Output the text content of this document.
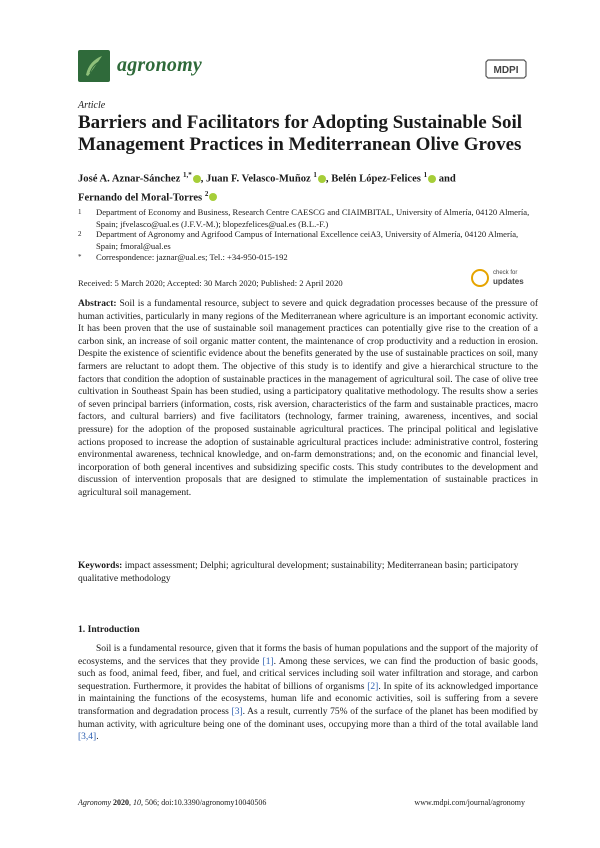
agronomy	MDPI
Article
Barriers and Facilitators for Adopting Sustainable Soil Management Practices in Mediterranean Olive Groves
José A. Aznar-Sánchez $^{1,*}$ , Juan F. Velasco-Muñoz $^1$ , Belén López-Felices $^1$ and
Fernando del Moral-Torres $^2$
1 Department of Economy and Business, Research Centre CAESCG and CIAIMBITAL, University of Almería, 04120 Almería, Spain; jfvelasco@ual.es (J.F.V.-M.); blopezfelices@ual.es (B.L.-F.)
2 Department of Agronomy and Agrifood Campus of International Excellence ceiA3, University of Almería, 04120 Almería, Spain; fmoral@ual.es
* Correspondence: jaznar@ual.es; Tel.: +34-950-015-192
Received: 5 March 2020; Accepted: 30 March 2020; Published: 2 April 2020
check for
updates
Abstract: Soil is a fundamental resource, subject to severe and quick degradation processes because of the pressure of human activities, particularly in many regions of the Mediterranean where agriculture is an important economic activity. It has been proven that the use of sustainable soil management practices can potentially give rise to the creation of a carbon sink, an increase of soil organic matter content, the maintenance of crop productivity and a reduction in erosion. Despite the existence of scientific evidence about the benefits generated by the use of sustainable practices on soil, many farmers are reluctant to adopt them. The objective of this study is to identify and give a hierarchical structure to the factors that condition the adoption of sustainable practices in the management of agricultural soil. The case of olive tree cultivation in Southeast Spain has been studied, using a participatory qualitative methodology. The results show a series of seven principal barriers (information, costs, risk aversion, characteristics of the farm and sustainable practices, macro factors, and cultural barriers) and five facilitators (technology, farmer training, awareness, incentives, and social pressure) for the adoption of the proposed sustainable agricultural practices. The principal political and legislative actions proposed to increase the adoption of sustainable agricultural practices include: administrative control, fostering environmental awareness, technical knowledge, and on-farm demonstrations; and, on the economic and financial level, incorporation of both general incentives and subsidizing specific costs. This study contributes to the development and discussion of intervention proposals that are designed to stimulate the implementation of sustainable practices in agricultural soil management.
Keywords: impact assessment; Delphi; agricultural development; sustainability; Mediterranean basin; participatory qualitative methodology
1. Introduction
Soil is a fundamental resource, given that it forms the basis of human populations and the support of the majority of ecosystems, and the services that they provide [1]. Among these services, we can find the production of basic goods, such as food, animal feed, fiber, and fuel, and critical services including soil water infiltration and storage, and carbon sequestration. Furthermore, it provides the habitat of billions of organisms [2]. In spite of its acknowledged importance in maintaining the functions of the ecosystems, human life and economic activities, soil is suffering from a severe transformation and degradation process [3]. As a result, currently 75% of the surface of the planet has been modified by human activity, with agriculture being one of the dominant uses, occupying more than a third of the total available land [3,4].
Agronomy 2020, 10, 506; doi:10.3390/agronomy10040506	www.mdpi.com/journal/agronomy
